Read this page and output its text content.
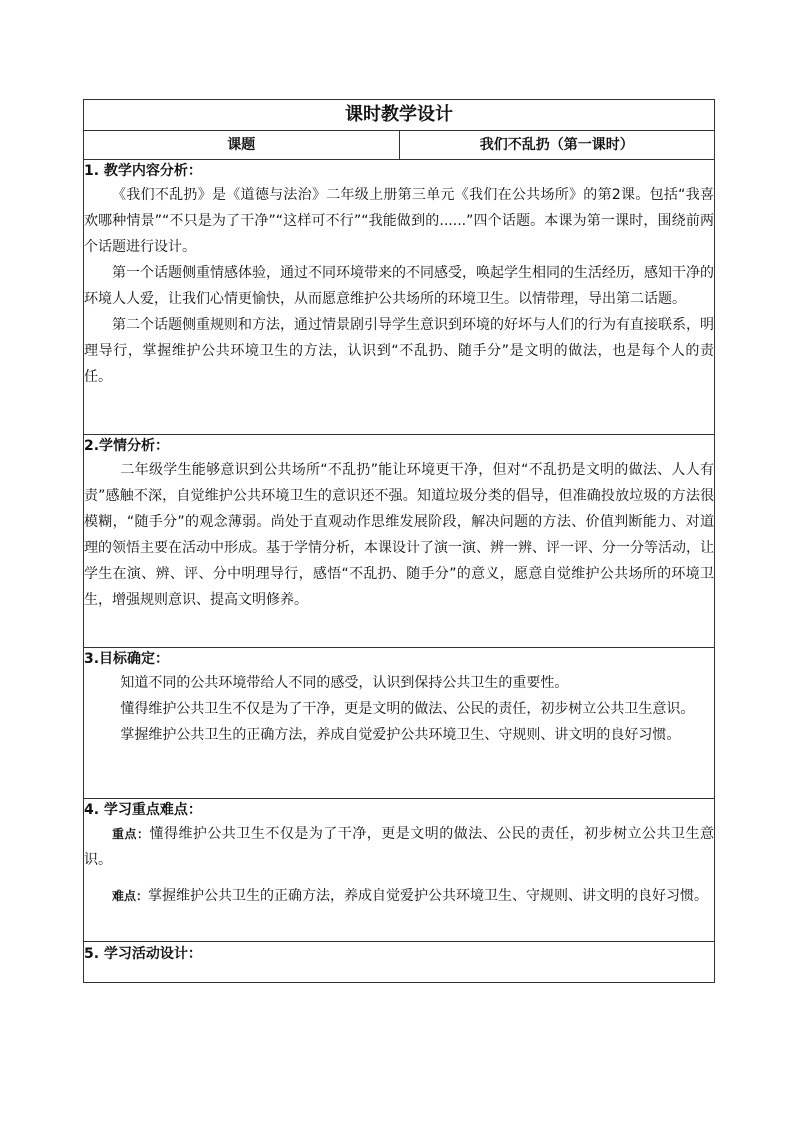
课时教学设计
课题	我们不乱扔（第一课时）

1. 教学内容分析：

《我们不乱扔》是《道德与法治》二年级上册第三单元《我们在公共场所》的第2课。包括“我喜欢哪种情景”“不只是为了干净”“这样可不行”“我能做到的......”四个话题。本课为第一课时，围绕前两个话题进行设计。

第一个话题侧重情感体验，通过不同环境带来的不同感受，唤起学生相同的生活经历，感知干净的环境人人爱，让我们心情更愉快，从而愿意维护公共场所的环境卫生。以情带理，导出第二话题。

第二个话题侧重规则和方法，通过情景剧引导学生意识到环境的好坏与人们的行为有直接联系，明理导行，掌握维护公共环境卫生的方法，认识到“不乱扔、随手分”是文明的做法，也是每个人的责任。

2.学情分析：

二年级学生能够意识到公共场所“不乱扔”能让环境更干净，但对“不乱扔是文明的做法、人人有责”感触不深，自觉维护公共环境卫生的意识还不强。知道垃圾分类的倡导，但准确投放垃圾的方法很模糊，“随手分”的观念薄弱。尚处于直观动作思维发展阶段，解决问题的方法、价值判断能力、对道理的领悟主要在活动中形成。基于学情分析，本课设计了演一演、辨一辨、评一评、分一分等活动，让学生在演、辨、评、分中明理导行，感悟“不乱扔、随手分”的意义，愿意自觉维护公共场所的环境卫生，增强规则意识、提高文明修养。

3.目标确定：

知道不同的公共环境带给人不同的感受，认识到保持公共卫生的重要性。

懂得维护公共卫生不仅是为了干净，更是文明的做法、公民的责任，初步树立公共卫生意识。

掌握维护公共卫生的正确方法，养成自觉爱护公共环境卫生、守规则、讲文明的良好习惯。

4. 学习重点难点：

重点：懂得维护公共卫生不仅是为了干净，更是文明的做法、公民的责任，初步树立公共卫生意识。

难点：掌握维护公共卫生的正确方法，养成自觉爱护公共环境卫生、守规则、讲文明的良好习惯。

5. 学习活动设计：
